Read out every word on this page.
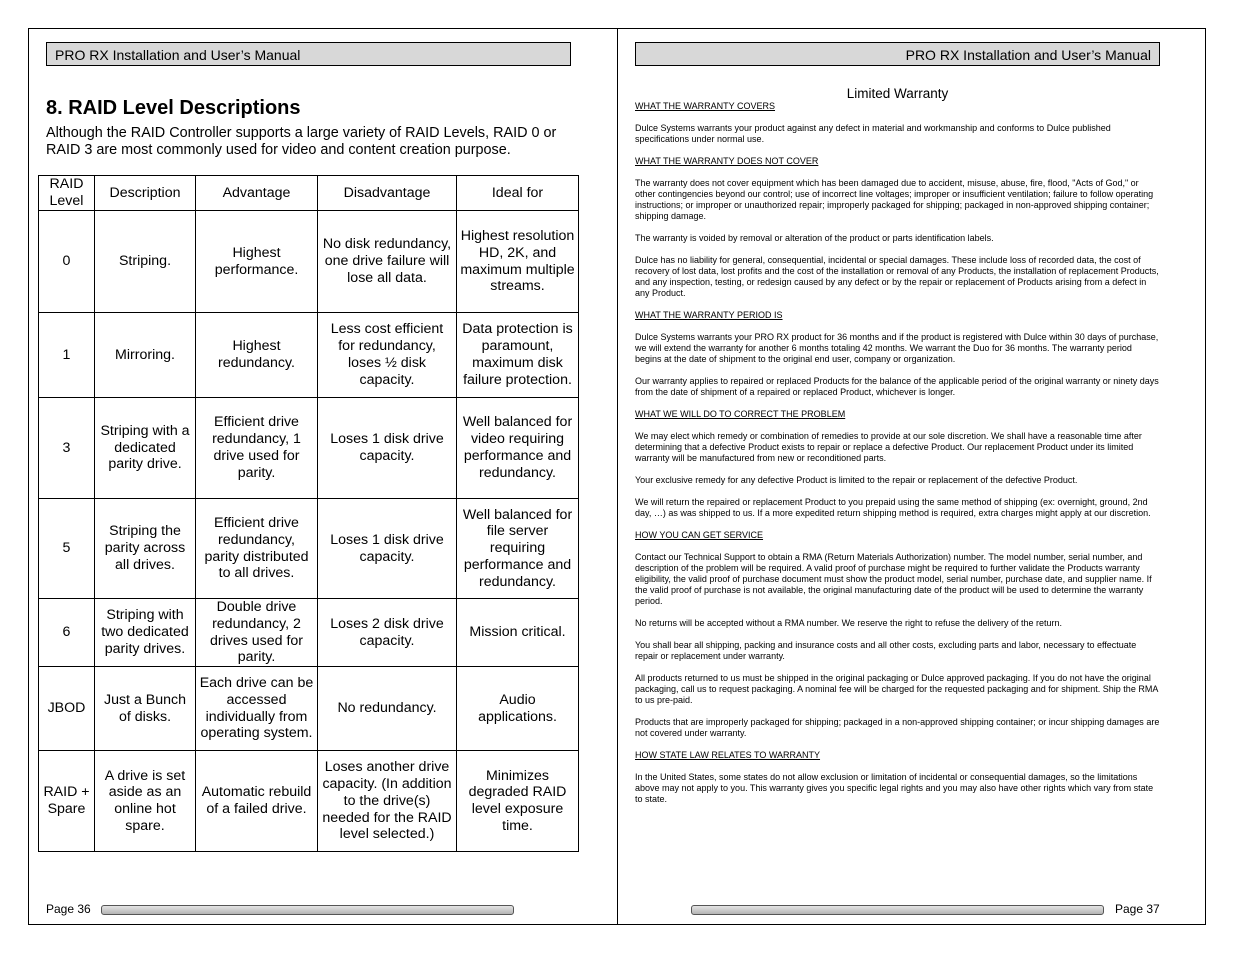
PRO RX Installation and User’s Manual
8. RAID Level Descriptions

Although the RAID Controller supports a large variety of RAID Levels, RAID 0 or RAID 3 are most commonly used for video and content creation purpose.

RAID Level	Description	Advantage	Disadvantage	Ideal for
0	Striping.	Highest performance.	No disk redundancy, one drive failure will lose all data.	Highest resolution HD, 2K, and maximum multiple streams.
1	Mirroring.	Highest redundancy.	Less cost efficient for redundancy, loses ½ disk capacity.	Data protection is paramount, maximum disk failure protection.
3	Striping with a dedicated parity drive.	Efficient drive redundancy, 1 drive used for parity.	Loses 1 disk drive capacity.	Well balanced for video requiring performance and redundancy.
5	Striping the parity across all drives.	Efficient drive redundancy, parity distributed to all drives.	Loses 1 disk drive capacity.	Well balanced for file server requiring performance and redundancy.
6	Striping with two dedicated parity drives.	Double drive redundancy, 2 drives used for parity.	Loses 2 disk drive capacity.	Mission critical.
JBOD	Just a Bunch of disks.	Each drive can be accessed individually from operating system.	No redundancy.	Audio applications.
RAID + Spare	A drive is set aside as an online hot spare.	Automatic rebuild of a failed drive.	Loses another drive capacity. (In addition to the drive(s) needed for the RAID level selected.)	Minimizes degraded RAID level exposure time.
Page 36
PRO RX Installation and User’s Manual
Limited Warranty

WHAT THE WARRANTY COVERS

Dulce Systems warrants your product against any defect in material and workmanship and conforms to Dulce published specifications under normal use.

WHAT THE WARRANTY DOES NOT COVER

The warranty does not cover equipment which has been damaged due to accident, misuse, abuse, fire, flood, "Acts of God," or other contingencies beyond our control; use of incorrect line voltages; improper or insufficient ventilation; failure to follow operating instructions; or improper or unauthorized repair; improperly packaged for shipping; packaged in non-approved shipping container; shipping damage.

The warranty is voided by removal or alteration of the product or parts identification labels.

Dulce has no liability for general, consequential, incidental or special damages. These include loss of recorded data, the cost of recovery of lost data, lost profits and the cost of the installation or removal of any Products, the installation of replacement Products, and any inspection, testing, or redesign caused by any defect or by the repair or replacement of Products arising from a defect in any Product.

WHAT THE WARRANTY PERIOD IS

Dulce Systems warrants your PRO RX product for 36 months and if the product is registered with Dulce within 30 days of purchase, we will extend the warranty for another 6 months totaling 42 months. We warrant the Duo for 36 months. The warranty period begins at the date of shipment to the original end user, company or organization.

Our warranty applies to repaired or replaced Products for the balance of the applicable period of the original warranty or ninety days from the date of shipment of a repaired or replaced Product, whichever is longer.

WHAT WE WILL DO TO CORRECT THE PROBLEM

We may elect which remedy or combination of remedies to provide at our sole discretion. We shall have a reasonable time after determining that a defective Product exists to repair or replace a defective Product. Our replacement Product under its limited warranty will be manufactured from new or reconditioned parts.

Your exclusive remedy for any defective Product is limited to the repair or replacement of the defective Product.

We will return the repaired or replacement Product to you prepaid using the same method of shipping (ex: overnight, ground, 2nd day, …) as was shipped to us. If a more expedited return shipping method is required, extra charges might apply at our discretion.

HOW YOU CAN GET SERVICE

Contact our Technical Support to obtain a RMA (Return Materials Authorization) number. The model number, serial number, and description of the problem will be required. A valid proof of purchase might be required to further validate the Products warranty eligibility, the valid proof of purchase document must show the product model, serial number, purchase date, and supplier name. If the valid proof of purchase is not available, the original manufacturing date of the product will be used to determine the warranty period.

No returns will be accepted without a RMA number. We reserve the right to refuse the delivery of the return.

You shall bear all shipping, packing and insurance costs and all other costs, excluding parts and labor, necessary to effectuate repair or replacement under warranty.

All products returned to us must be shipped in the original packaging or Dulce approved packaging. If you do not have the original packaging, call us to request packaging. A nominal fee will be charged for the requested packaging and for shipment. Ship the RMA to us pre-paid.

Products that are improperly packaged for shipping; packaged in a non-approved shipping container; or incur shipping damages are not covered under warranty.

HOW STATE LAW RELATES TO WARRANTY

In the United States, some states do not allow exclusion or limitation of incidental or consequential damages, so the limitations above may not apply to you. This warranty gives you specific legal rights and you may also have other rights which vary from state to state.

Page 37
